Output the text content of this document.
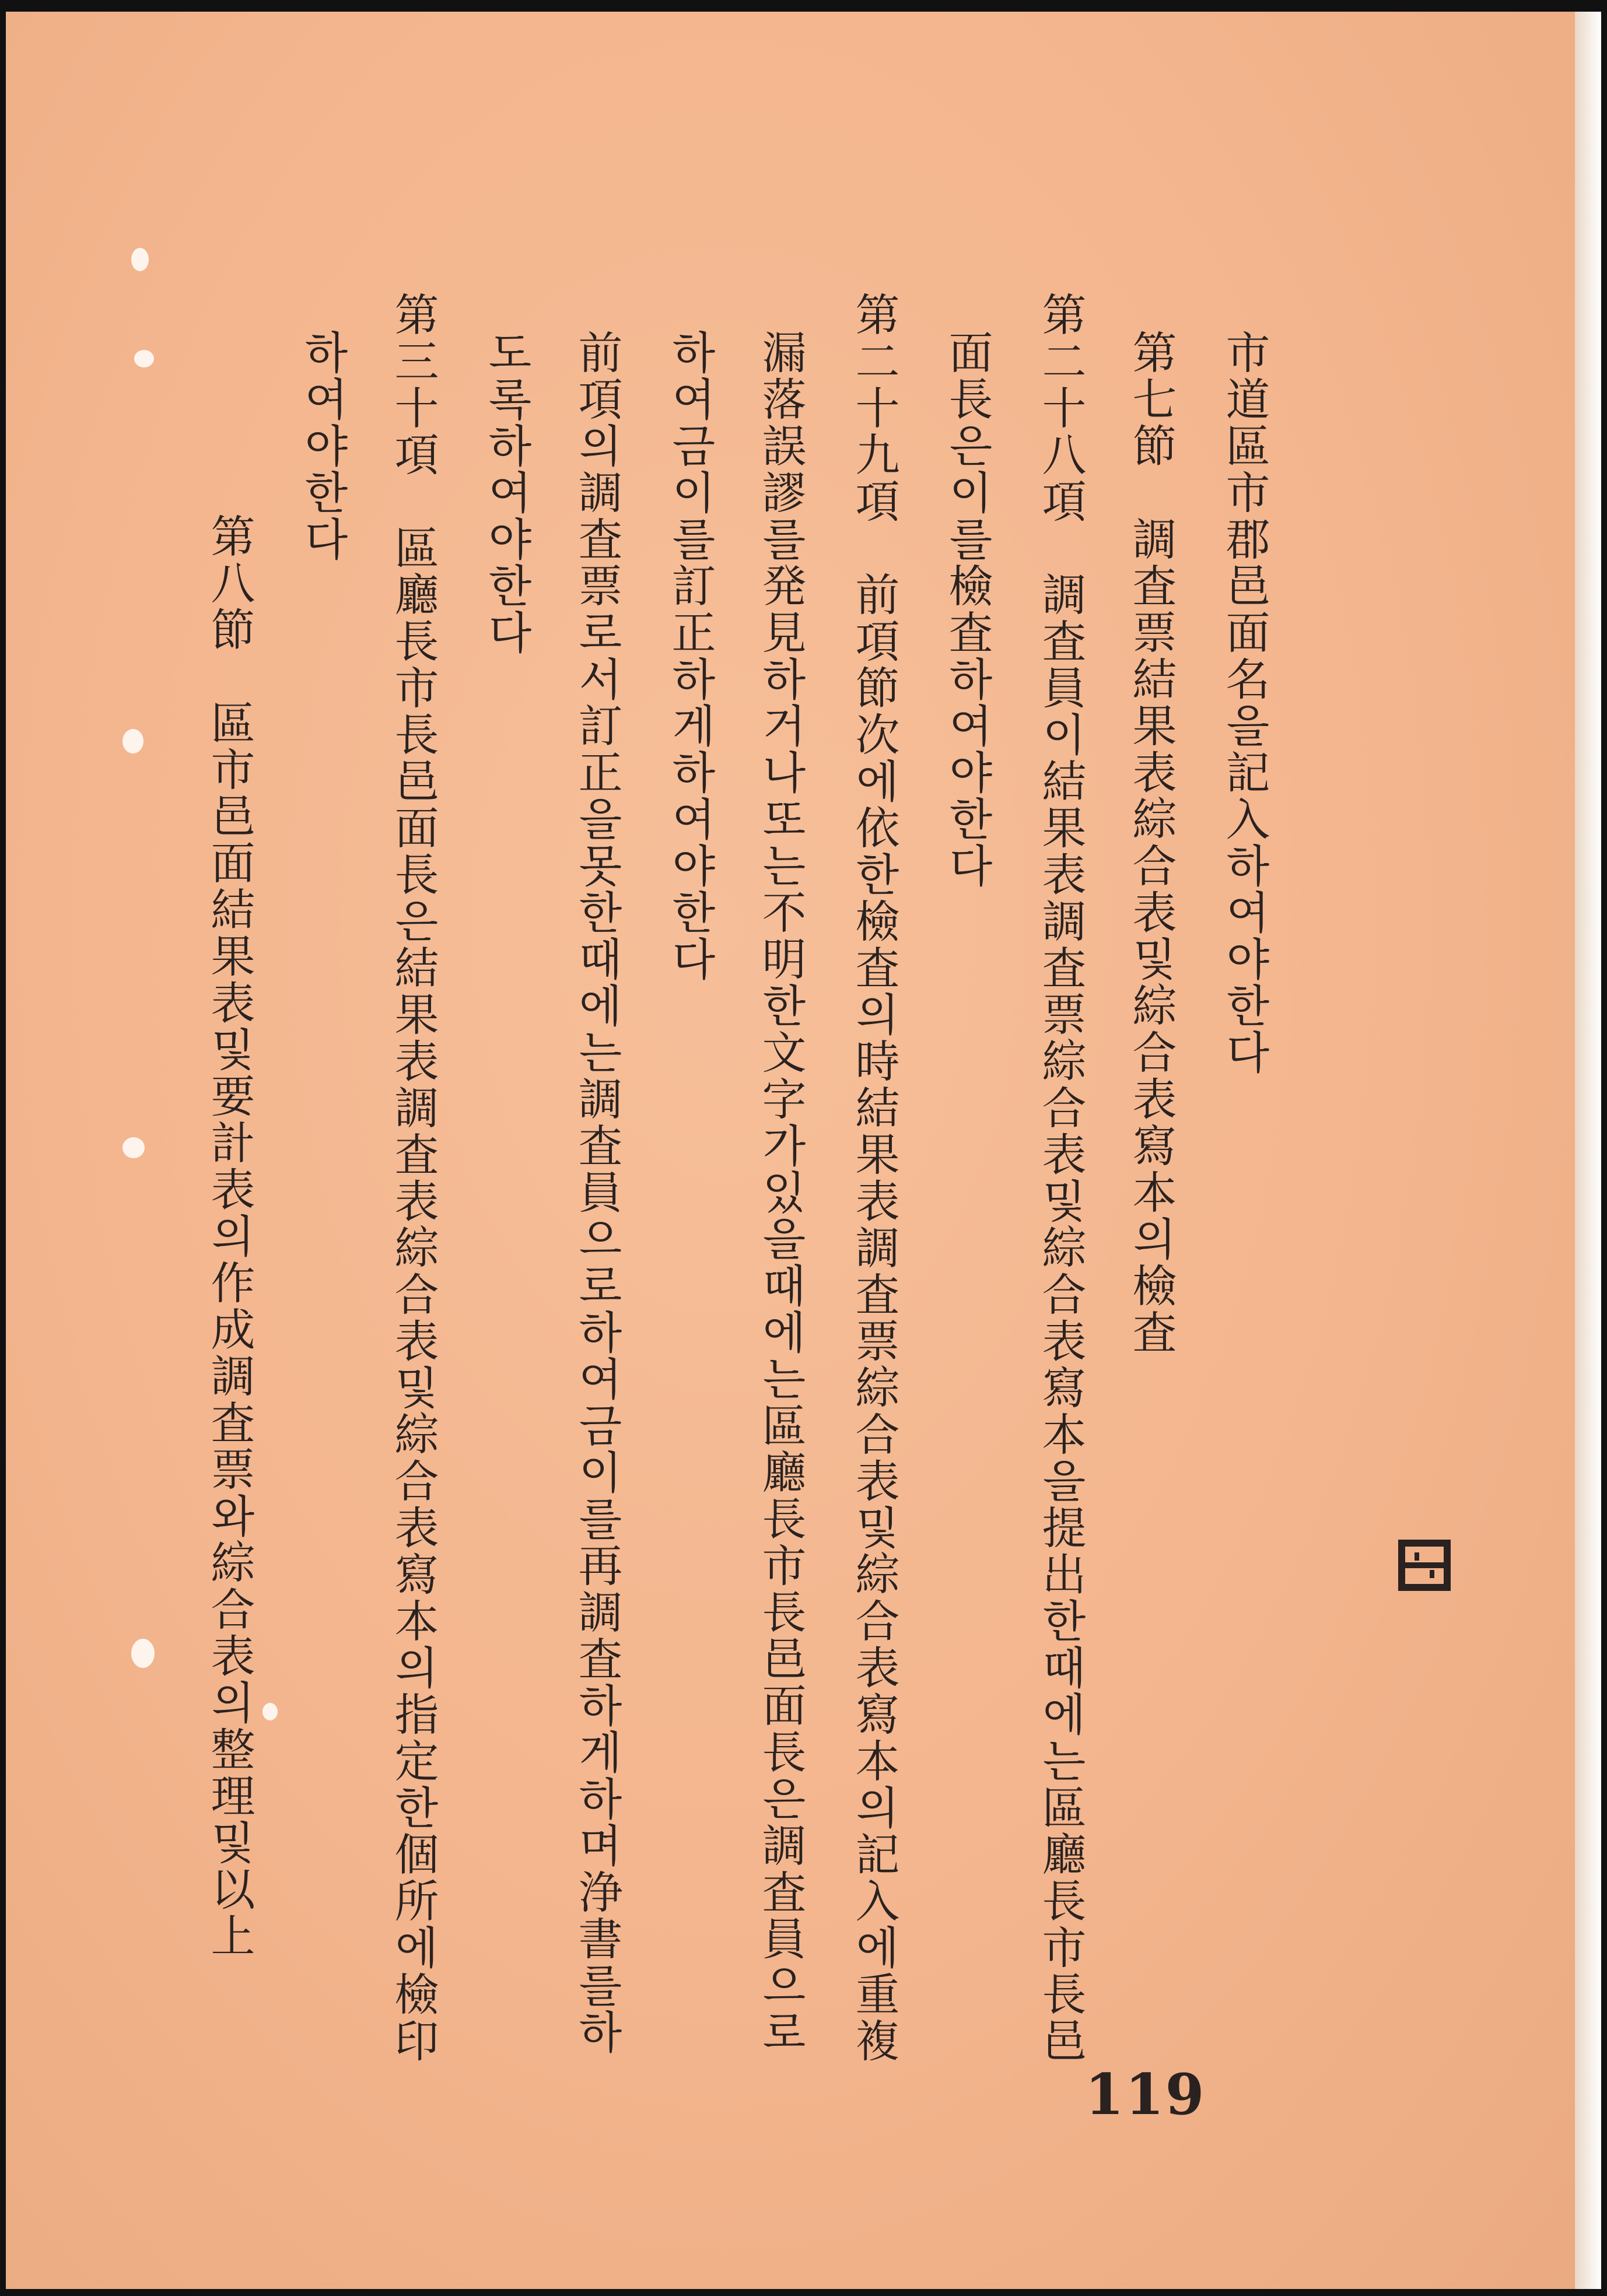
市道區市郡邑面名을記入하여야한다
第七節　調査票結果表綜合表및綜合表寫本의檢査
第二十八項　調査員이結果表調査票綜合表및綜合表寫本을提出한때에는區廳長市長邑
面長은이를檢査하여야한다
第二十九項　前項節次에依한檢査의時結果表調査票綜合表및綜合表寫本의記入에重複
漏落誤謬를発見하거나또는不明한文字가있을때에는區廳長市長邑面長은調査員으로
하여금이를訂正하게하여야한다
前項의調査票로서訂正을못한때에는調査員으로하여금이를再調査하게하며浄書를하
도록하여야한다
第三十項　區廳長市長邑面長은結果表調査表綜合表및綜合表寫本의指定한個所에檢印
하여야한다
第八節　區市邑面結果表및要計表의作成調査票와綜合表의整理및以上
119
